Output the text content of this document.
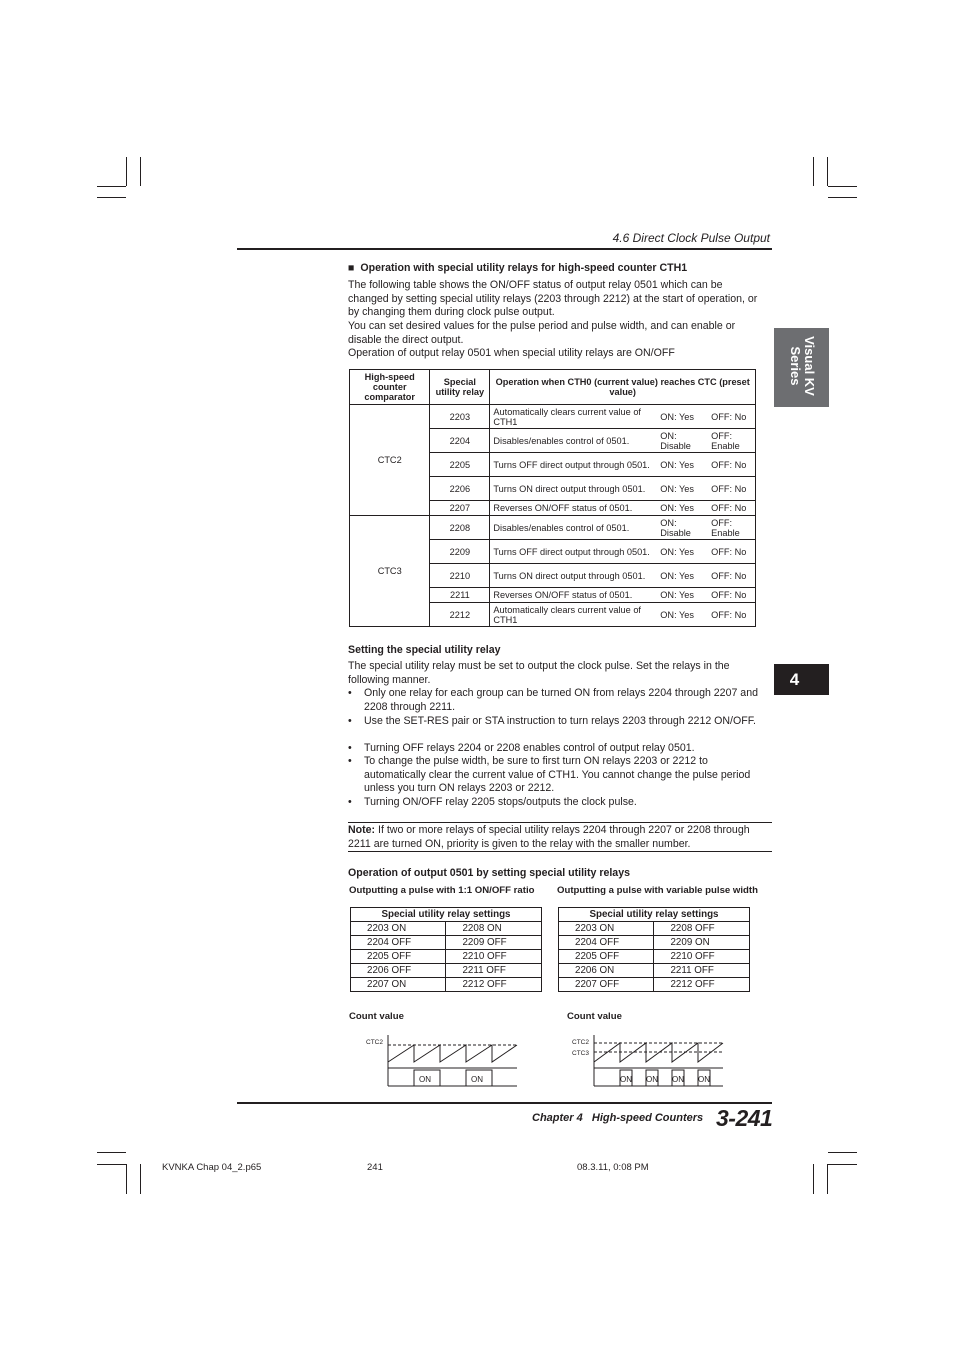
4.6 Direct Clock Pulse Output
Visual KV Series
4
■ Operation with special utility relays for high-speed counter CTH1

The following table shows the ON/OFF status of output relay 0501 which can be changed by setting special utility relays (2203 through 2212) at the start of operation, or by changing them during clock pulse output.

You can set desired values for the pulse period and pulse width, and can enable or disable the direct output.

Operation of output relay 0501 when special utility relays are ON/OFF

High-speed counter comparator	Special utility relay	Operation when CTH0 (current value) reaches CTC (preset value)		
CTC2	2203	Automatically clears current value of CTH1	ON: Yes	OFF: No
	2204	Disables/enables control of 0501.	ON: Disable	OFF: Enable
	2205	Turns OFF direct output through 0501.	ON: Yes	OFF: No
	2206	Turns ON direct output through 0501.	ON: Yes	OFF: No
	2207	Reverses ON/OFF status of 0501.	ON: Yes	OFF: No
CTC3	2208	Disables/enables control of 0501.	ON: Disable	OFF: Enable
	2209	Turns OFF direct output through 0501.	ON: Yes	OFF: No
	2210	Turns ON direct output through 0501.	ON: Yes	OFF: No
	2211	Reverses ON/OFF status of 0501.	ON: Yes	OFF: No
	2212	Automatically clears current value of CTH1	ON: Yes	OFF: No
Setting the special utility relay

The special utility relay must be set to output the clock pulse. Set the relays in the following manner.

• Only one relay for each group can be turned ON from relays 2204 through 2207 and 2208 through 2211.
• Use the SET-RES pair or STA instruction to turn relays 2203 through 2212 ON/OFF.
• Turning OFF relays 2204 or 2208 enables control of output relay 0501.
• To change the pulse width, be sure to first turn ON relays 2203 or 2212 to automatically clear the current value of CTH1. You cannot change the pulse period unless you turn ON relays 2203 or 2212.
• Turning ON/OFF relay 2205 stops/outputs the clock pulse.

Note: If two or more relays of special utility relays 2204 through 2207 or 2208 through 2211 are turned ON, priority is given to the relay with the smaller number.

Operation of output 0501 by setting special utility relays
Outputting a pulse with 1:1 ON/OFF ratio Outputting a pulse with variable pulse width
Special utility relay settings	
2203 ON	2208 ON
2204 OFF	2209 OFF
2205 OFF	2210 OFF
2206 OFF	2211 OFF
2207 ON	2212 OFF
Special utility relay settings	
2203 ON	2208 OFF
2204 OFF	2209 ON
2205 OFF	2210 OFF
2206 ON	2211 OFF
2207 OFF	2212 OFF
Count value	Count value
CTC2
ON	ON
CTC2
CTC3
ON ON ON ON
Chapter 4   High-speed Counters 3-241
KVNKA Chap 04_2.p65	241	08.3.11, 0:08 PM
